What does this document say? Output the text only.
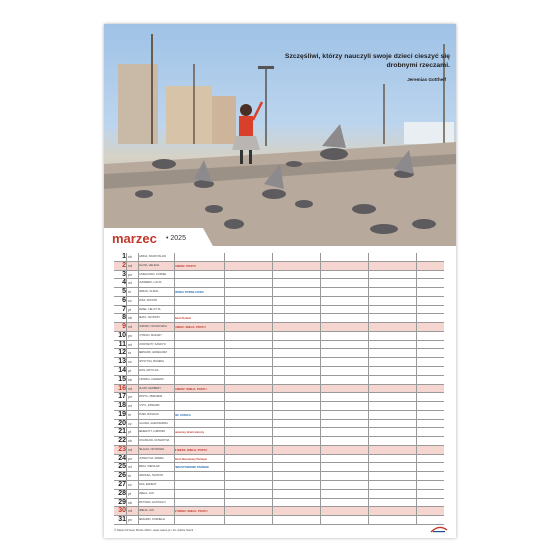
Szczęśliwi, którzy nauczyli swoje dzieci cieszyć się drobnymi rzeczami.
Jeremias Gotthelf
marzec • 2025
1 sb	ALBINA, SWIATOSLAW
2 nd	HALINA, HELENA	II NIEDZ. POSTU
3 pn	KUNEGUNDA, KORNEL
4 wt	KAZIMIERZ, LUCJA
5 śr	ADRIAN, OLIWIA	ŚRODA POPIELCOWA
6 cz	RÓŻA, WIKTOR
7 pt	PAWEŁ, FELICYTA
8 sb	BEATA, JAN BOŻY	Dzień Kobiet
9 nd	DOMINIK, FRANCISZKA	I NIEDZ. WIELK. POSTU
10 pn	CYPRIAN, MAKARY
11 wt	KONSTANTY, KANDYD
12 śr	BERNARD, GRZEGORZ
13 cz	KRYSTYNA, BOŻENA
14 pt	LEON, MATYLDA
15 sb	LUDWIKA, KLEMENS
16 nd	HILARY, HERBERT	II NIEDZ. WIELK. POSTU
17 pn	PATRYK, ZBIGNIEW
18 wt	CYRYL, EDWARD
19 śr	JÓZEF, BOGDAN	ŚW. JÓZEFA
20 cz	KLAUDIA, ALEKSANDRA
21 pt	BENEDYKT, LUBOMIR	pierwszy dzień wiosny
22 sb	BOGUSŁAW, KATARZYNA
23 nd	PELAGIA, OKTAWIAN	III NIEDZ. WIELK. POSTU
24 pn	KATARZYNA, MAREK	Dzień Narodowy Pamięci
25 wt	IRENA, WIESŁAW	ZWIASTOWANIE PAŃSKIE
26 śr	EMANUEL, TEODOR
27 cz	LIDIA, ERNEST
28 pt	ANIELA, JAN
29 sb	WIKTORIA, EUSTACHY
30 nd	AMELIA, JAN	IV NIEDZ. WIELK. POSTU
31 pn	BENIAMIN, KORNELIA
© Nasze Drzewo Plants 2024 • www.nasze.pl • fot. Adobe Stock
